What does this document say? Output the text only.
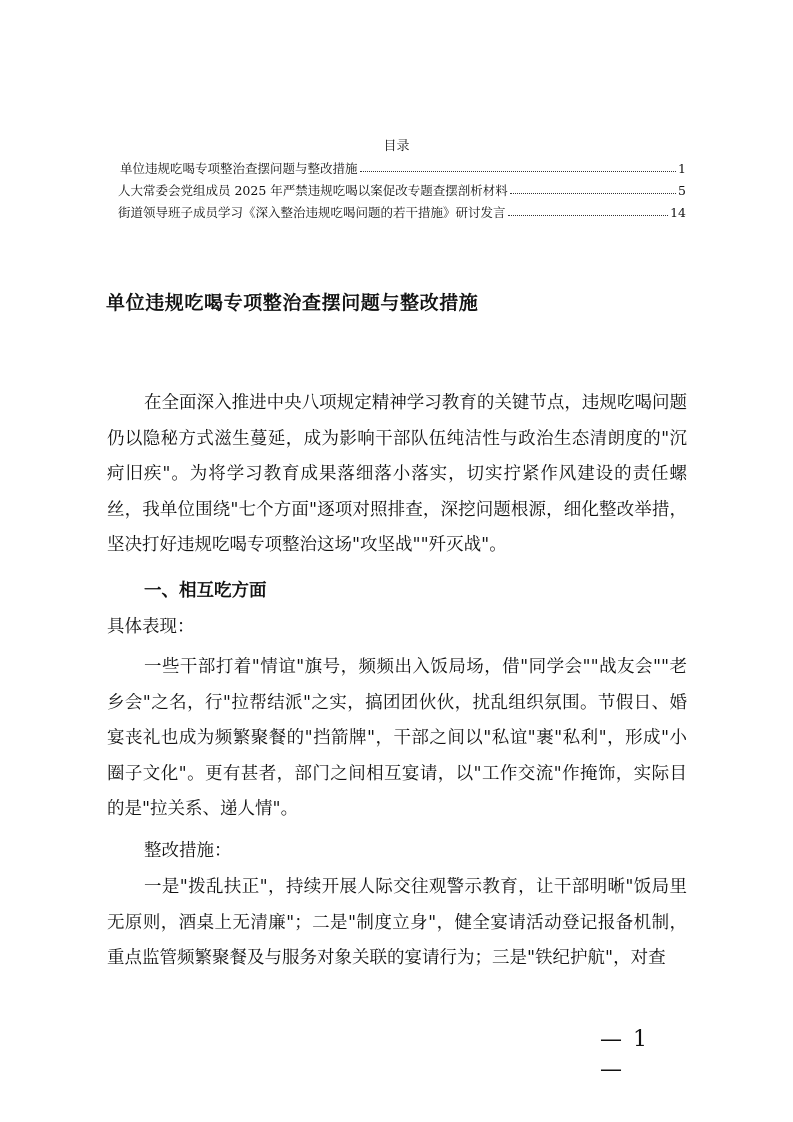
目录
单位违规吃喝专项整治查摆问题与整改措施	1
人大常委会党组成员 2025 年严禁违规吃喝以案促改专题查摆剖析材料	5
街道领导班子成员学习《深入整治违规吃喝问题的若干措施》研讨发言	14
单位违规吃喝专项整治查摆问题与整改措施

在全面深入推进中央八项规定精神学习教育的关键节点，违规吃喝问题仍以隐秘方式滋生蔓延，成为影响干部队伍纯洁性与政治生态清朗度的"沉疴旧疾"。为将学习教育成果落细落小落实，切实拧紧作风建设的责任螺丝，我单位围绕"七个方面"逐项对照排查，深挖问题根源，细化整改举措，坚决打好违规吃喝专项整治这场"攻坚战""歼灭战"。

一、相互吃方面

具体表现：

一些干部打着"情谊"旗号，频频出入饭局场，借"同学会""战友会""老乡会"之名，行"拉帮结派"之实，搞团团伙伙，扰乱组织氛围。节假日、婚宴丧礼也成为频繁聚餐的"挡箭牌"，干部之间以"私谊"裹"私利"，形成"小圈子文化"。更有甚者，部门之间相互宴请，以"工作交流"作掩饰，实际目的是"拉关系、递人情"。

整改措施：

一是"拨乱扶正"，持续开展人际交往观警示教育，让干部明晰"饭局里无原则，酒桌上无清廉"；二是"制度立身"，健全宴请活动登记报备机制，重点监管频繁聚餐及与服务对象关联的宴请行为；三是"铁纪护航"，对查

— 1 —
